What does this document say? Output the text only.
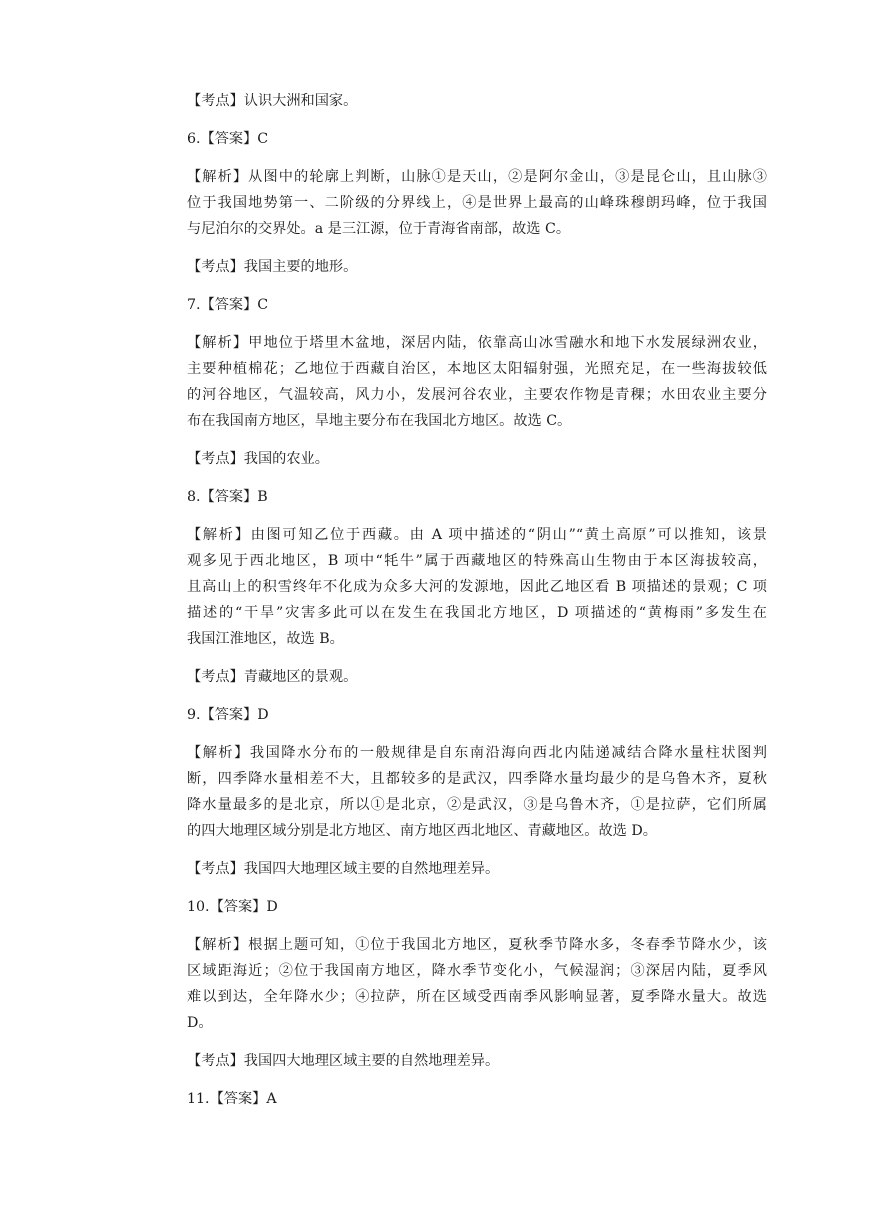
【考点】认识大洲和国家。
6.【答案】C
【解析】从图中的轮廓上判断，山脉①是天山，②是阿尔金山，③是昆仑山，且山脉③
位于我国地势第一、二阶级的分界线上，④是世界上最高的山峰珠穆朗玛峰，位于我国
与尼泊尔的交界处。a 是三江源，位于青海省南部，故选 C。
【考点】我国主要的地形。
7.【答案】C
【解析】甲地位于塔里木盆地，深居内陆，依靠高山冰雪融水和地下水发展绿洲农业，
主要种植棉花；乙地位于西藏自治区，本地区太阳辐射强，光照充足，在一些海拔较低
的河谷地区，气温较高，风力小，发展河谷农业，主要农作物是青稞；水田农业主要分
布在我国南方地区，旱地主要分布在我国北方地区。故选 C。
【考点】我国的农业。
8.【答案】B
【解析】由图可知乙位于西藏。由 A 项中描述的“阴山”“黄土高原”可以推知，该景
观多见于西北地区，B 项中“牦牛”属于西藏地区的特殊高山生物由于本区海拔较高，
且高山上的积雪终年不化成为众多大河的发源地，因此乙地区看 B 项描述的景观；C 项
描述的“干旱”灾害多此可以在发生在我国北方地区，D 项描述的“黄梅雨”多发生在
我国江淮地区，故选 B。
【考点】青藏地区的景观。
9.【答案】D
【解析】我国降水分布的一般规律是自东南沿海向西北内陆递减结合降水量柱状图判
断，四季降水量相差不大，且都较多的是武汉，四季降水量均最少的是乌鲁木齐，夏秋
降水量最多的是北京，所以①是北京，②是武汉，③是乌鲁木齐，①是拉萨，它们所属
的四大地理区域分别是北方地区、南方地区西北地区、青藏地区。故选 D。
【考点】我国四大地理区域主要的自然地理差异。
10.【答案】D
【解析】根据上题可知，①位于我国北方地区，夏秋季节降水多，冬春季节降水少，该
区域距海近；②位于我国南方地区，降水季节变化小，气候湿润；③深居内陆，夏季风
难以到达，全年降水少；④拉萨，所在区域受西南季风影响显著，夏季降水量大。故选
D。
【考点】我国四大地理区域主要的自然地理差异。
11.【答案】A
